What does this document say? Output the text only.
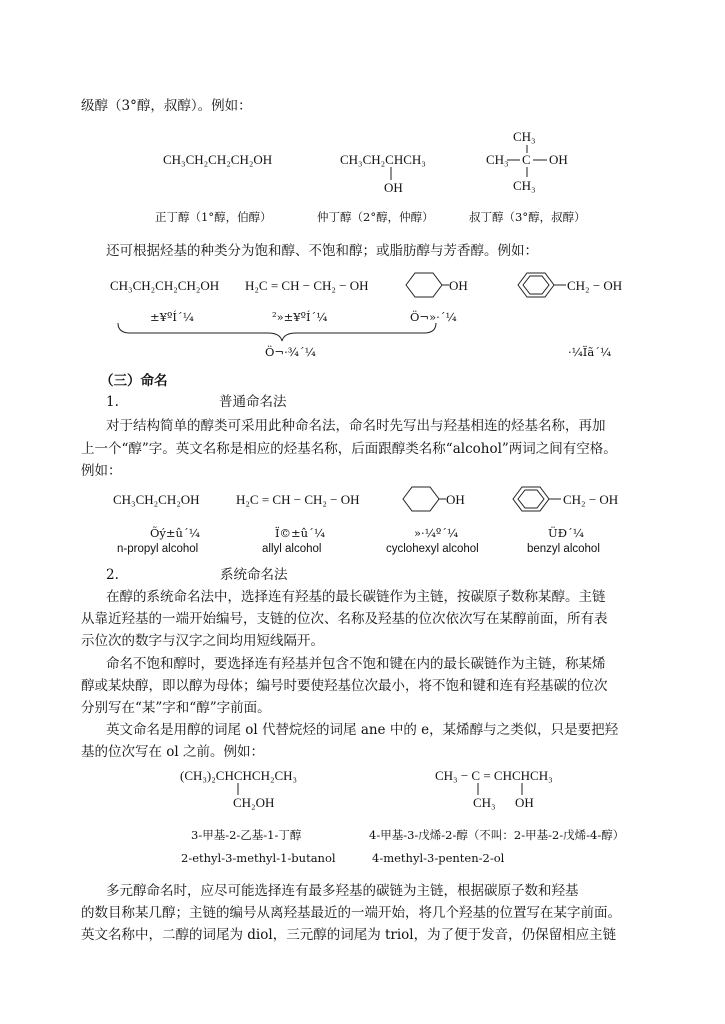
级醇（3°醇，叔醇）。例如：
CH₃CH₂CH₂CH₂OH	CH₃CH₂CHCH₃
OH
CH₃
CH₃ C OH
CH₃
正丁醇（1°醇，伯醇）	仲丁醇（2°醇，仲醇）	叔丁醇（3°醇，叔醇）
还可根据烃基的种类分为饱和醇、不饱和醇；或脂肪醇与芳香醇。例如：
CH₃CH₂CH₂CH₂OH H₂C = CH − CH₂ − OH	OH	CH₂ − OH
±¥ºÍ´¼	²»±¥ºÍ´¼	Ö¬»·´¼
Ö¬·¾´¼	·¼Ïã´¼
（三）命名
1.	普通命名法
对于结构简单的醇类可采用此种命名法，命名时先写出与羟基相连的烃基名称，再加
上一个“醇”字。英文名称是相应的烃基名称，后面跟醇类名称“alcohol”两词之间有空格。
例如：
CH₃CH₂CH₂OH	H₂C = CH − CH₂ − OH	OH	CH₂ − OH
Õý±û´¼	Ï©±û´¼	»·¼º´¼	ÜÐ´¼
n-propyl alcohol	allyl alcohol	cyclohexyl alcohol	benzyl alcohol
2.	系统命名法
在醇的系统命名法中，选择连有羟基的最长碳链作为主链，按碳原子数称某醇。主链
从靠近羟基的一端开始编号，支链的位次、名称及羟基的位次依次写在某醇前面，所有表
示位次的数字与汉字之间均用短线隔开。
命名不饱和醇时，要选择连有羟基并包含不饱和键在内的最长碳链作为主链，称某烯
醇或某炔醇，即以醇为母体；编号时要使羟基位次最小，将不饱和键和连有羟基碳的位次
分别写在“某”字和“醇”字前面。
英文命名是用醇的词尾 ol 代替烷烃的词尾 ane 中的 e，某烯醇与之类似，只是要把羟
基的位次写在 ol 之前。例如：
(CH₃)₂CHCHCH₂CH₃
CH₂OH
CH₃ − C = CHCHCH₃
CH₃ OH
3-甲基-2-乙基-1-丁醇	4-甲基-3-戊烯-2-醇（不叫：2-甲基-2-戊烯-4-醇）
2-ethyl-3-methyl-1-butanol	4-methyl-3-penten-2-ol
多元醇命名时，应尽可能选择连有最多羟基的碳链为主链，根据碳原子数和羟基
的数目称某几醇；主链的编号从离羟基最近的一端开始，将几个羟基的位置写在某字前面。
英文名称中，二醇的词尾为 diol，三元醇的词尾为 triol，为了便于发音，仍保留相应主链
